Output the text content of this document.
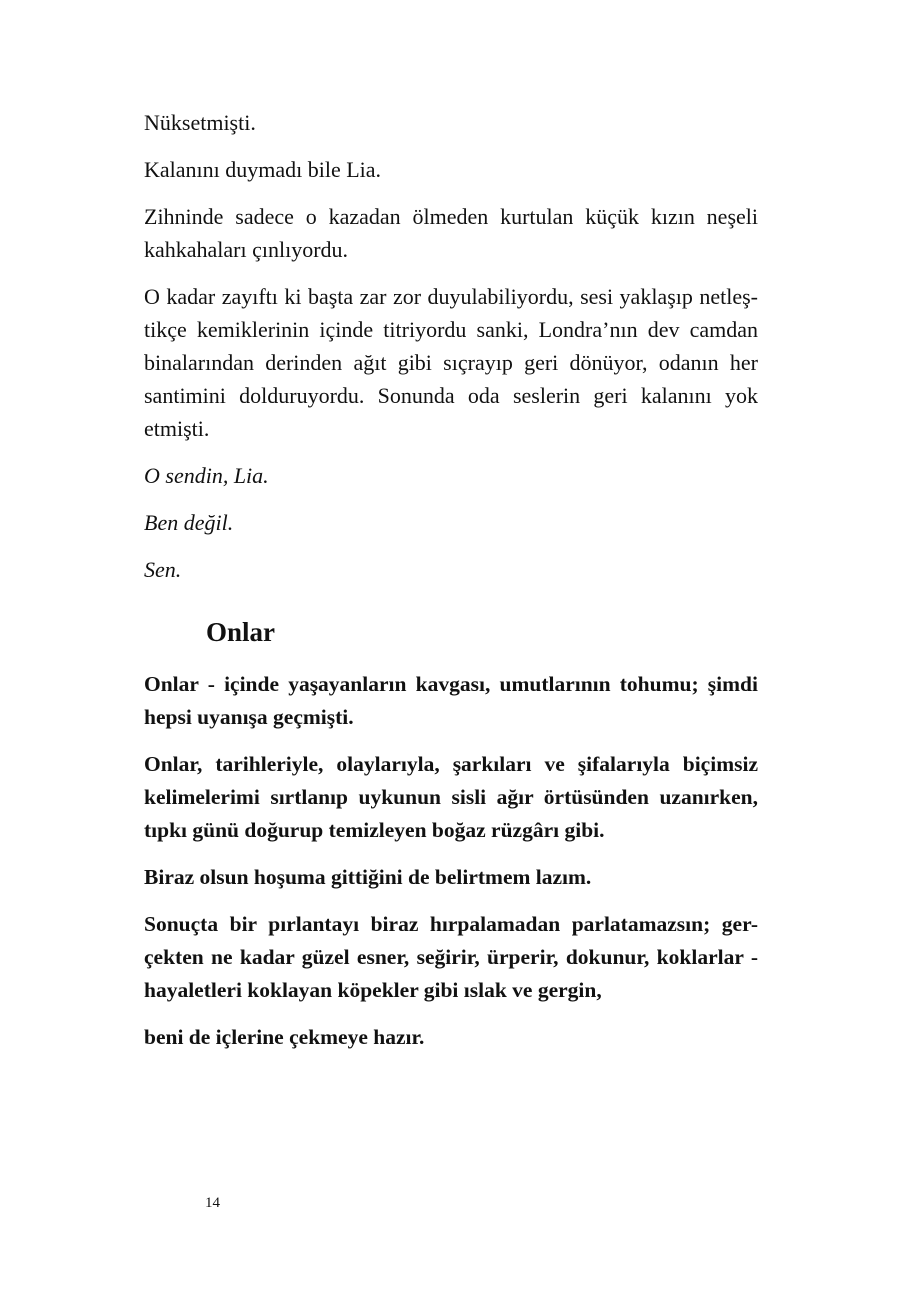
Nüksetmişti.

Kalanını duymadı bile Lia.

Zihninde sadece o kazadan ölmeden kurtulan küçük kızın neşeli kahkahaları çınlıyordu.

O kadar zayıftı ki başta zar zor duyulabiliyordu, sesi yaklaşıp netleş-tikçe kemiklerinin içinde titriyordu sanki, Londra’nın dev camdan binalarından derinden ağıt gibi sıçrayıp geri dönüyor, odanın her santimini dolduruyordu. Sonunda oda seslerin geri kalanını yok etmişti.

O sendin, Lia.

Ben değil.

Sen.

Onlar

Onlar - içinde yaşayanların kavgası, umutlarının tohumu; şimdi hepsi uyanışa geçmişti.

Onlar, tarihleriyle, olaylarıyla, şarkıları ve şifalarıyla biçimsiz kelimelerimi sırtlanıp uykunun sisli ağır örtüsünden uzanırken, tıpkı günü doğurup temizleyen boğaz rüzgârı gibi.

Biraz olsun hoşuma gittiğini de belirtmem lazım.

Sonuçta bir pırlantayı biraz hırpalamadan parlatamazsın; ger-çekten ne kadar güzel esner, seğirir, ürperir, dokunur, koklarlar - hayaletleri koklayan köpekler gibi ıslak ve gergin,

beni de içlerine çekmeye hazır.

14
